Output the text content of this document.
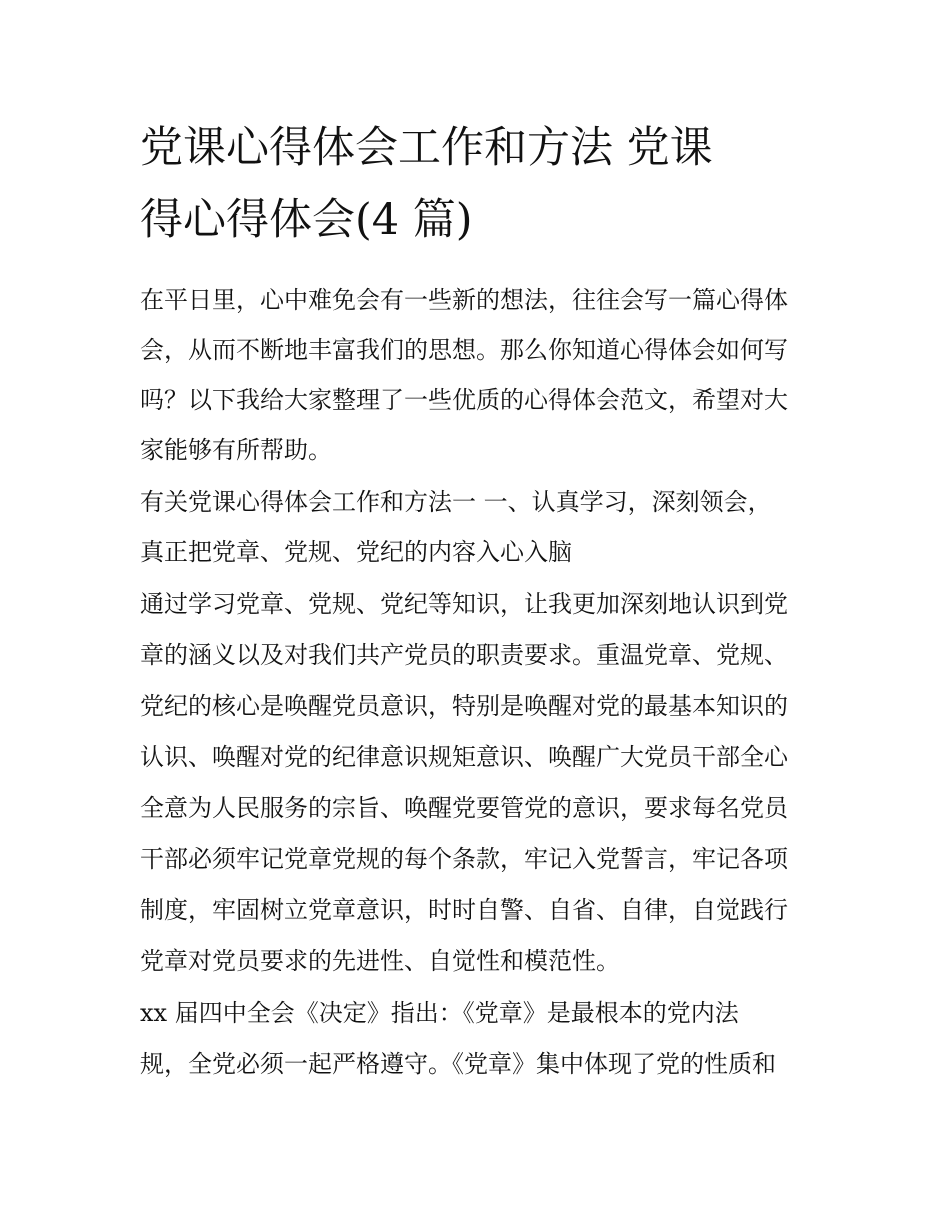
党课心得体会工作和方法 党课
得心得体会(4 篇)

在平日里，心中难免会有一些新的想法，往往会写一篇心得体

会，从而不断地丰富我们的思想。那么你知道心得体会如何写

吗？以下我给大家整理了一些优质的心得体会范文，希望对大

家能够有所帮助。

有关党课心得体会工作和方法一 一、认真学习，深刻领会，

真正把党章、党规、党纪的内容入心入脑

通过学习党章、党规、党纪等知识，让我更加深刻地认识到党

章的涵义以及对我们共产党员的职责要求。重温党章、党规、

党纪的核心是唤醒党员意识，特别是唤醒对党的最基本知识的

认识、唤醒对党的纪律意识规矩意识、唤醒广大党员干部全心

全意为人民服务的宗旨、唤醒党要管党的意识，要求每名党员

干部必须牢记党章党规的每个条款，牢记入党誓言，牢记各项

制度，牢固树立党章意识，时时自警、自省、自律，自觉践行

党章对党员要求的先进性、自觉性和模范性。

xx 届四中全会《决定》指出：《党章》是最根本的党内法

规，全党必须一起严格遵守。《党章》集中体现了党的性质和
